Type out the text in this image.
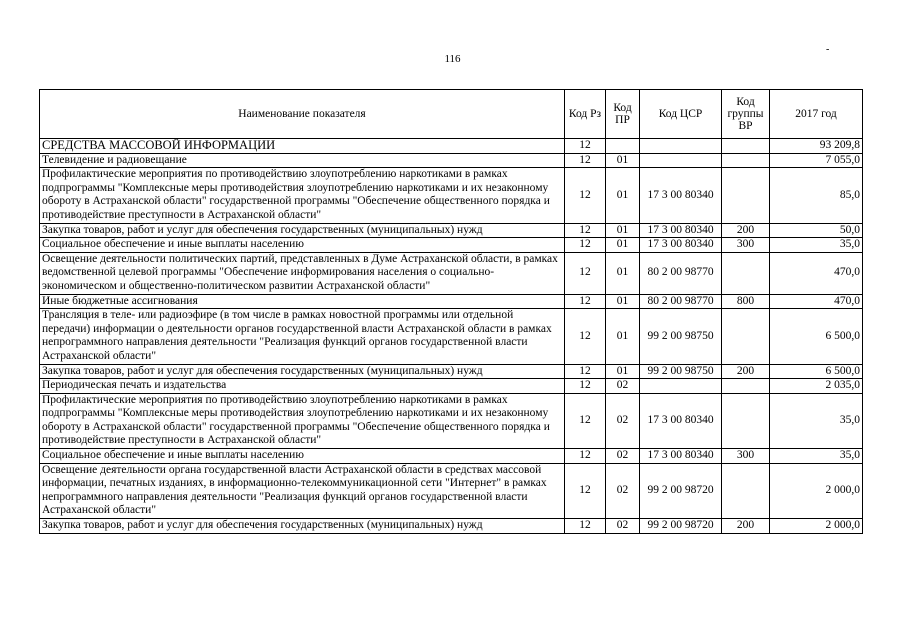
116
-
Наименование показателя	Код Рз	Код ПР	Код ЦСР	Код группы ВР	2017 год
СРЕДСТВА МАССОВОЙ ИНФОРМАЦИИ	12				93 209,8
Телевидение и радиовещание	12	01			7 055,0
Профилактические мероприятия по противодействию злоупотреблению наркотиками в рамках подпрограммы "Комплексные меры противодействия злоупотреблению наркотиками и их незаконному обороту в Астраханской области" государственной программы "Обеспечение общественного порядка и противодействие преступности в Астраханской области"	12	01	17 3 00 80340		85,0
Закупка товаров, работ и услуг для обеспечения государственных (муниципальных) нужд	12	01	17 3 00 80340	200	50,0
Социальное обеспечение и иные выплаты населению	12	01	17 3 00 80340	300	35,0
Освещение деятельности политических партий, представленных в Думе Астраханской области, в рамках ведомственной целевой программы "Обеспечение информирования населения о социально-экономическом и общественно-политическом развитии Астраханской области"	12	01	80 2 00 98770		470,0
Иные бюджетные ассигнования	12	01	80 2 00 98770	800	470,0
Трансляция в теле- или радиоэфире (в том числе в рамках новостной программы или отдельной передачи) информации о деятельности органов государственной власти Астраханской области в рамках непрограммного направления деятельности "Реализация функций органов государственной власти Астраханской области"	12	01	99 2 00 98750		6 500,0
Закупка товаров, работ и услуг для обеспечения государственных (муниципальных) нужд	12	01	99 2 00 98750	200	6 500,0
Периодическая печать и издательства	12	02			2 035,0
Профилактические мероприятия по противодействию злоупотреблению наркотиками в рамках подпрограммы "Комплексные меры противодействия злоупотреблению наркотиками и их незаконному обороту в Астраханской области" государственной программы "Обеспечение общественного порядка и противодействие преступности в Астраханской области"	12	02	17 3 00 80340		35,0
Социальное обеспечение и иные выплаты населению	12	02	17 3 00 80340	300	35,0
Освещение деятельности органа государственной власти Астраханской области в средствах массовой информации, печатных изданиях, в информационно-телекоммуникационной сети "Интернет" в рамках непрограммного направления деятельности "Реализация функций органов государственной власти Астраханской области"	12	02	99 2 00 98720		2 000,0
Закупка товаров, работ и услуг для обеспечения государственных (муниципальных) нужд	12	02	99 2 00 98720	200	2 000,0
